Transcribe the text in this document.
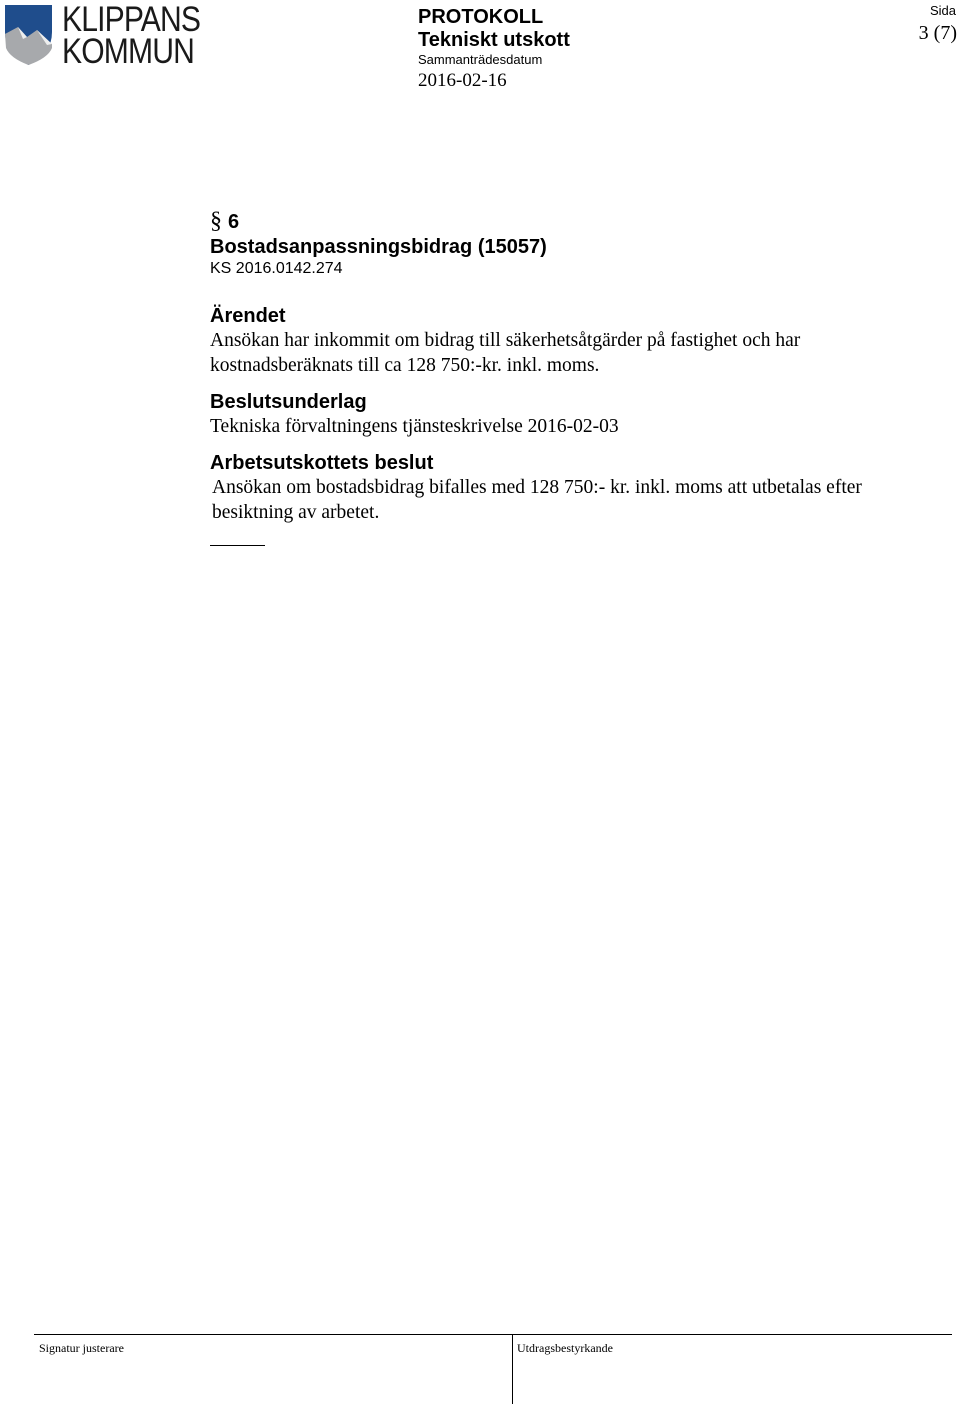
KLIPPANS
KOMMUN
PROTOKOLL
Tekniskt utskott
Sammanträdesdatum
2016-02-16
Sida
3 (7)
§ 6
Bostadsanpassningsbidrag (15057)
KS 2016.0142.274
Ärendet

Ansökan har inkommit om bidrag till säkerhetsåtgärder på fastighet och har
kostnadsberäknats till ca 128 750:-kr. inkl. moms.

Beslutsunderlag

Tekniska förvaltningens tjänsteskrivelse 2016-02-03

Arbetsutskottets beslut

Ansökan om bostadsbidrag bifalles med 128 750:- kr. inkl. moms att utbetalas efter
besiktning av arbetet.

Signatur justerare	Utdragsbestyrkande
